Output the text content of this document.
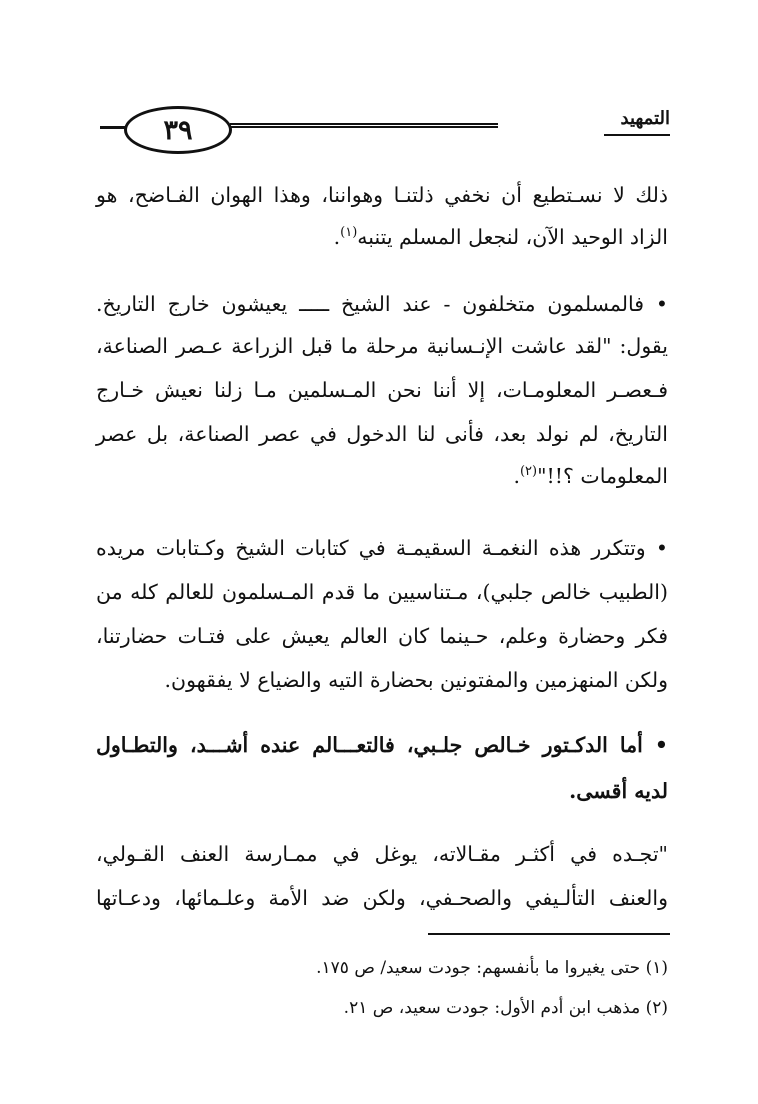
٣٩	التمهيد
ذلك لا نسـتطيع أن نخفي ذلتنـا وهواننا، وهذا الهوان الفـاضح، هو
الزاد الوحيد الآن، لنجعل المسلم يتنبه$^{(١)}$.
• فالمسلمون متخلفون - عند الشيخ ـــــ يعيشون خارج التاريخ.
يقول: "لقد عاشت الإنـسانية مرحلة ما قبل الزراعة عـصر الصناعة،
فـعصـر المعلومـات، إلا أننا نحن المـسلمين مـا زلنا نعيش خـارج
التاريخ، لم نولد بعد، فأنى لنا الدخول في عصر الصناعة، بل عصر
المعلومات ؟!!"$^{(٢)}$.
• وتتكرر هذه النغمـة السقيمـة في كتابات الشيخ وكـتابات مريده
(الطبيب خالص جلبي)، مـتناسيين ما قدم المـسلمون للعالم كله من
فكر وحضارة وعلم، حـينما كان العالم يعيش على فتـات حضارتنا،
ولكن المنهزمين والمفتونين بحضارة التيه والضياع لا يفقهون.
• أما الدكـتور خـالص جلـبي، فالتعـــالم عنده أشـــد، والتطـاول
لديه أقسى.
"تجـده في أكثـر مقـالاته، يوغل في ممـارسة العنف القـولي،
والعنف التألـيفي والصحـفي، ولكن ضد الأمة وعلـمائها، ودعـاتها
(١) حتى يغيروا ما بأنفسهم: جودت سعيد/ ص ١٧٥.
(٢) مذهب ابن أدم الأول: جودت سعيد، ص ٢١.
